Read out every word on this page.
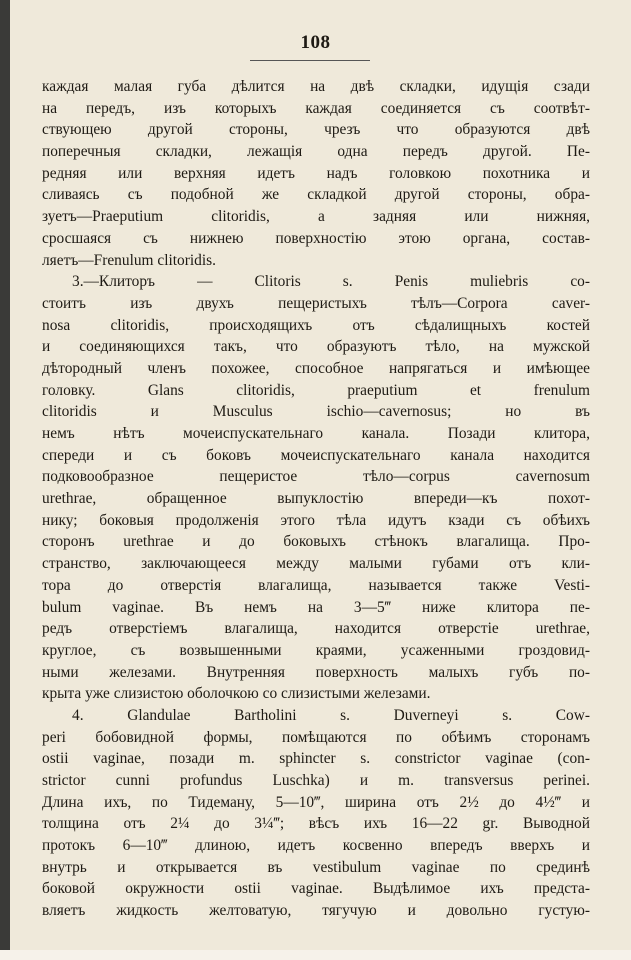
108
каждая малая губа дѣлится на двѣ складки, идущія сзади
на передъ, изъ которыхъ каждая соединяется съ соотвѣт-
ствующею другой стороны, чрезъ что образуются двѣ
поперечныя складки, лежащія одна передъ другой. Пе-
редняя или верхняя идетъ надъ головкою похотника и
сливаясь съ подобной же складкой другой стороны, обра-
зуетъ—Praeputium clitoridis, а задняя или нижняя,
сросшаяся съ нижнею поверхностію этою органа, состав-
ляетъ—Frenulum clitoridis.
3.—Клиторъ — Clitoris s. Penis muliebris со-
стоитъ изъ двухъ пещеристыхъ тѣлъ—Corpora caver-
nosa clitoridis, происходящихъ отъ сѣдалищныхъ костей
и соединяющихся такъ, что образуютъ тѣло, на мужской
дѣтородный членъ похожее, способное напрягаться и имѣющее
головку. Glans clitoridis, praeputium et frenulum
clitoridis и Musculus ischio—cavernosus; но въ
немъ нѣтъ мочеиспускательнаго канала. Позади клитора,
спереди и съ боковъ мочеиспускательнаго канала находится
подковообразное пещеристое тѣло—corpus cavernosum
urethrae, обращенное выпуклостію впереди—къ похот-
нику; боковыя продолженія этого тѣла идутъ кзади съ обѣихъ
сторонъ urethrae и до боковыхъ стѣнокъ влагалища. Про-
странство, заключающееся между малыми губами отъ кли-
тора до отверстія влагалища, называется также Vesti-
bulum vaginae. Въ немъ на 3—5‴ ниже клитора пе-
редъ отверстіемъ влагалища, находится отверстіе urethrae,
круглое, съ возвышенными краями, усаженными гроздовид-
ными железами. Внутренняя поверхность малыхъ губъ по-
крыта уже слизистою оболочкою со слизистыми железами.
4. Glandulae Bartholini s. Duverneyi s. Cow-
peri бобовидной формы, помѣщаются по обѣимъ сторонамъ
ostii vaginae, позади m. sphincter s. constrictor vaginae (con-
strictor cunni profundus Luschka) и m. transversus perinei.
Длина ихъ, по Тидеману, 5—10‴, ширина отъ 2½ до 4½‴ и
толщина отъ 2¼ до 3¼‴; вѣсъ ихъ 16—22 gr. Выводной
протокъ 6—10‴ длиною, идетъ косвенно впередъ вверхъ и
внутрь и открывается въ vestibulum vaginae по срединѣ
боковой окружности ostii vaginae. Выдѣлимое ихъ предста-
вляетъ жидкость желтоватую, тягучую и довольно густую-
